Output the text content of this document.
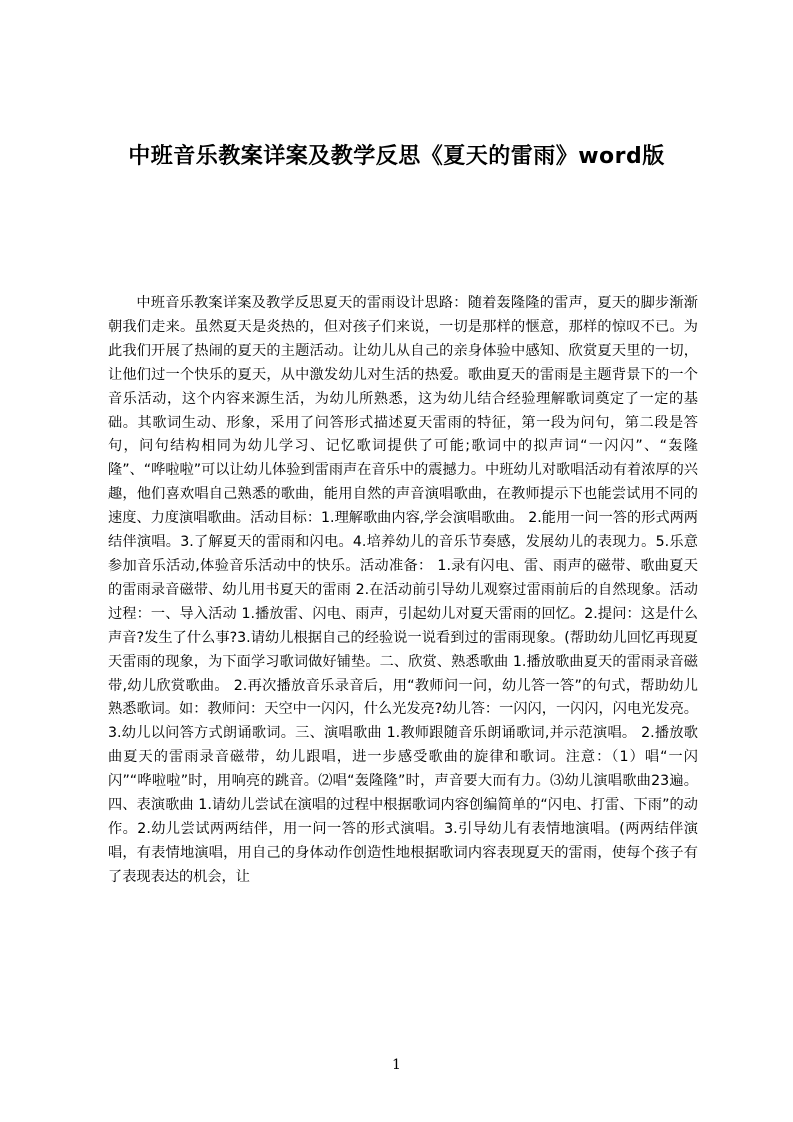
中班音乐教案详案及教学反思《夏天的雷雨》word版

中班音乐教案详案及教学反思夏天的雷雨设计思路：随着轰隆隆的雷声，夏天的脚步渐渐朝我们走来。虽然夏天是炎热的，但对孩子们来说，一切是那样的惬意，那样的惊叹不已。为此我们开展了热闹的夏天的主题活动。让幼儿从自己的亲身体验中感知、欣赏夏天里的一切，让他们过一个快乐的夏天，从中激发幼儿对生活的热爱。歌曲夏天的雷雨是主题背景下的一个音乐活动，这个内容来源生活，为幼儿所熟悉，这为幼儿结合经验理解歌词奠定了一定的基础。其歌词生动、形象，采用了问答形式描述夏天雷雨的特征，第一段为问句，第二段是答句，问句结构相同为幼儿学习、记忆歌词提供了可能;歌词中的拟声词“一闪闪”、“轰隆隆”、“哗啦啦”可以让幼儿体验到雷雨声在音乐中的震撼力。中班幼儿对歌唱活动有着浓厚的兴趣，他们喜欢唱自己熟悉的歌曲，能用自然的声音演唱歌曲，在教师提示下也能尝试用不同的速度、力度演唱歌曲。活动目标：1.理解歌曲内容,学会演唱歌曲。 2.能用一问一答的形式两两结伴演唱。3.了解夏天的雷雨和闪电。4.培养幼儿的音乐节奏感，发展幼儿的表现力。5.乐意参加音乐活动,体验音乐活动中的快乐。活动准备： 1.录有闪电、雷、雨声的磁带、歌曲夏天的雷雨录音磁带、幼儿用书夏天的雷雨 2.在活动前引导幼儿观察过雷雨前后的自然现象。活动过程：一、导入活动 1.播放雷、闪电、雨声，引起幼儿对夏天雷雨的回忆。2.提问：这是什么声音?发生了什么事?3.请幼儿根据自己的经验说一说看到过的雷雨现象。(帮助幼儿回忆再现夏天雷雨的现象，为下面学习歌词做好铺垫。二、欣赏、熟悉歌曲 1.播放歌曲夏天的雷雨录音磁带,幼儿欣赏歌曲。 2.再次播放音乐录音后，用“教师问一问，幼儿答一答”的句式，帮助幼儿熟悉歌词。如：教师问：天空中一闪闪，什么光发亮?幼儿答：一闪闪，一闪闪，闪电光发亮。3.幼儿以问答方式朗诵歌词。三、演唱歌曲 1.教师跟随音乐朗诵歌词,并示范演唱。 2.播放歌曲夏天的雷雨录音磁带，幼儿跟唱，进一步感受歌曲的旋律和歌词。注意：（1）唱“一闪闪”“哗啦啦”时，用响亮的跳音。⑵唱“轰隆隆”时，声音要大而有力。⑶幼儿演唱歌曲23遍。四、表演歌曲 1.请幼儿尝试在演唱的过程中根据歌词内容创编简单的“闪电、打雷、下雨”的动作。2.幼儿尝试两两结伴，用一问一答的形式演唱。3.引导幼儿有表情地演唱。(两两结伴演唱，有表情地演唱，用自己的身体动作创造性地根据歌词内容表现夏天的雷雨，使每个孩子有了表现表达的机会，让

1
